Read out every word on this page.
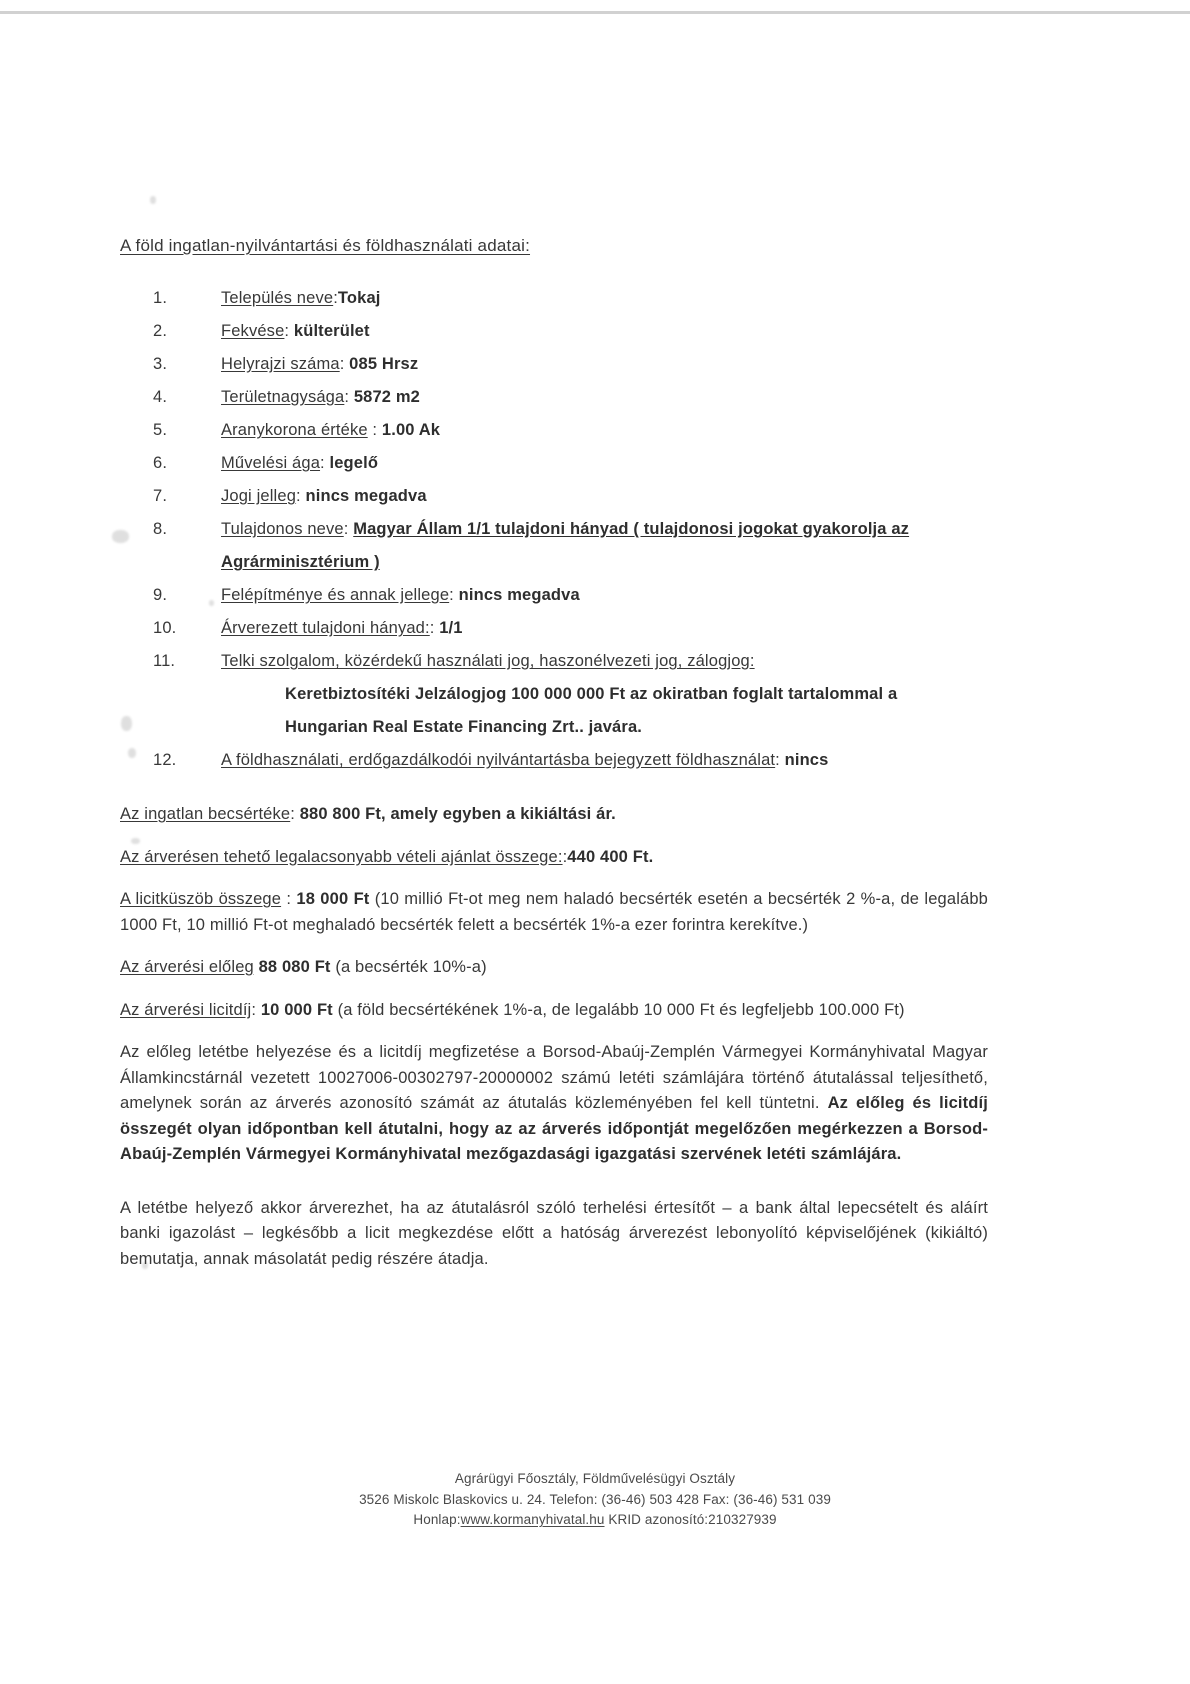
A föld ingatlan-nyilvántartási és földhasználati adatai:
1.	Település neve:Tokaj
2.	Fekvése: külterület
3.	Helyrajzi száma: 085 Hrsz
4.	Területnagysága: 5872 m2
5.	Aranykorona értéke : 1.00 Ak
6.	Művelési ága: legelő
7.	Jogi jelleg: nincs megadva
8.	Tulajdonos neve: Magyar Állam 1/1 tulajdoni hányad ( tulajdonosi jogokat gyakorolja az Agrárminisztérium )
9.	Felépítménye és annak jellege: nincs megadva
10.	Árverezett tulajdoni hányad:: 1/1
11.	Telki szolgalom, közérdekű használati jog, haszonélvezeti jog, zálogjog:
Keretbiztosítéki Jelzálogjog 100 000 000 Ft az okiratban foglalt tartalommal a
Hungarian Real Estate Financing Zrt.. javára.
12.	A földhasználati, erdőgazdálkodói nyilvántartásba bejegyzett földhasználat: nincs

Az ingatlan becsértéke: 880 800 Ft, amely egyben a kikiáltási ár.

Az árverésen tehető legalacsonyabb vételi ajánlat összege::440 400 Ft.

A licitküszöb összege : 18 000 Ft (10 millió Ft-ot meg nem haladó becsérték esetén a becsérték 2 %-a, de legalább 1000 Ft, 10 millió Ft-ot meghaladó becsérték felett a becsérték 1%-a ezer forintra kerekítve.)

Az árverési előleg 88 080 Ft (a becsérték 10%-a)

Az árverési licitdíj: 10 000 Ft (a föld becsértékének 1%-a, de legalább 10 000 Ft és legfeljebb 100.000 Ft)

Az előleg letétbe helyezése és a licitdíj megfizetése a Borsod-Abaúj-Zemplén Vármegyei Kormányhivatal Magyar Államkincstárnál vezetett 10027006-00302797-20000002 számú letéti számlájára történő átutalással teljesíthető, amelynek során az árverés azonosító számát az átutalás közleményében fel kell tüntetni. Az előleg és licitdíj összegét olyan időpontban kell átutalni, hogy az az árverés időpontját megelőzően megérkezzen a Borsod-Abaúj-Zemplén Vármegyei Kormányhivatal mezőgazdasági igazgatási szervének letéti számlájára.

A letétbe helyező akkor árverezhet, ha az átutalásról szóló terhelési értesítőt – a bank által lepecsételt és aláírt banki igazolást – legkésőbb a licit megkezdése előtt a hatóság árverezést lebonyolító képviselőjének (kikiáltó) bemutatja, annak másolatát pedig részére átadja.

Agrárügyi Főosztály, Földművelésügyi Osztály
3526 Miskolc Blaskovics u. 24. Telefon: (36-46) 503 428 Fax: (36-46) 531 039
Honlap:www.kormanyhivatal.hu KRID azonosító:210327939
